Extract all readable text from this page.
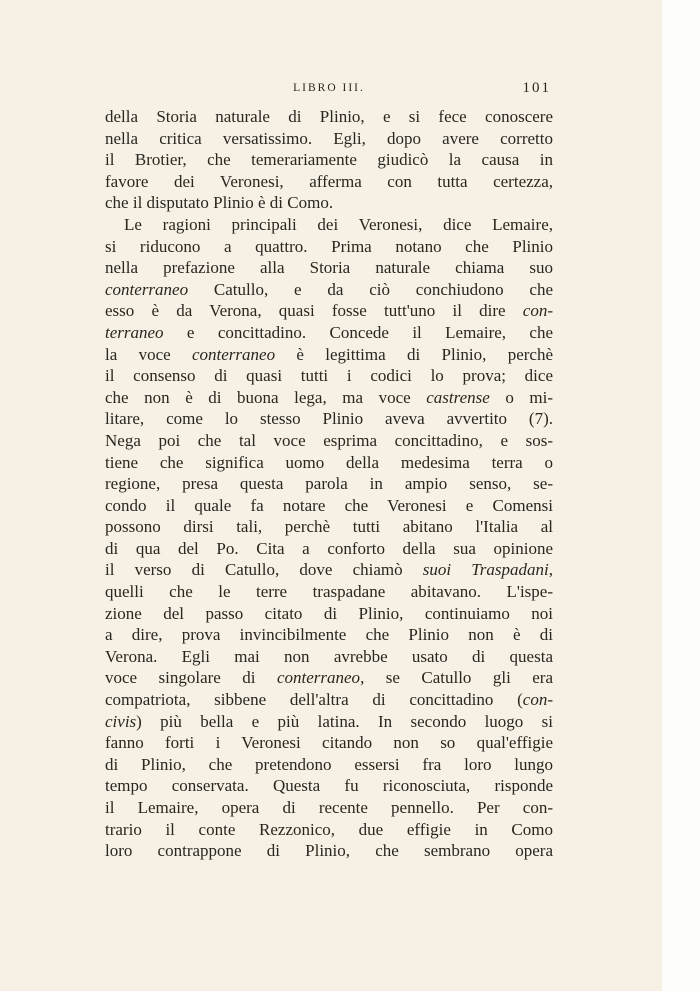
LIBRO III.	101
della Storia naturale di Plinio, e si fece conoscere
nella critica versatissimo. Egli, dopo avere corretto
il Brotier, che temerariamente giudicò la causa in
favore dei Veronesi, afferma con tutta certezza,
che il disputato Plinio è di Como.
Le ragioni principali dei Veronesi, dice Lemaire,
si riducono a quattro. Prima notano che Plinio
nella prefazione alla Storia naturale chiama suo
conterraneo Catullo, e da ciò conchiudono che
esso è da Verona, quasi fosse tutt'uno il dire con-
terraneo e concittadino. Concede il Lemaire, che
la voce conterraneo è legittima di Plinio, perchè
il consenso di quasi tutti i codici lo prova; dice
che non è di buona lega, ma voce castrense o mi-
litare, come lo stesso Plinio aveva avvertito (7).
Nega poi che tal voce esprima concittadino, e sos-
tiene che significa uomo della medesima terra o
regione, presa questa parola in ampio senso, se-
condo il quale fa notare che Veronesi e Comensi
possono dirsi tali, perchè tutti abitano l'Italia al
di qua del Po. Cita a conforto della sua opinione
il verso di Catullo, dove chiamò suoi Traspadani,
quelli che le terre traspadane abitavano. L'ispe-
zione del passo citato di Plinio, continuiamo noi
a dire, prova invincibilmente che Plinio non è di
Verona. Egli mai non avrebbe usato di questa
voce singolare di conterraneo, se Catullo gli era
compatriota, sibbene dell'altra di concittadino (con-
civis) più bella e più latina. In secondo luogo si
fanno forti i Veronesi citando non so qual'effigie
di Plinio, che pretendono essersi fra loro lungo
tempo conservata. Questa fu riconosciuta, risponde
il Lemaire, opera di recente pennello. Per con-
trario il conte Rezzonico, due effigie in Como
loro contrappone di Plinio, che sembrano opera
